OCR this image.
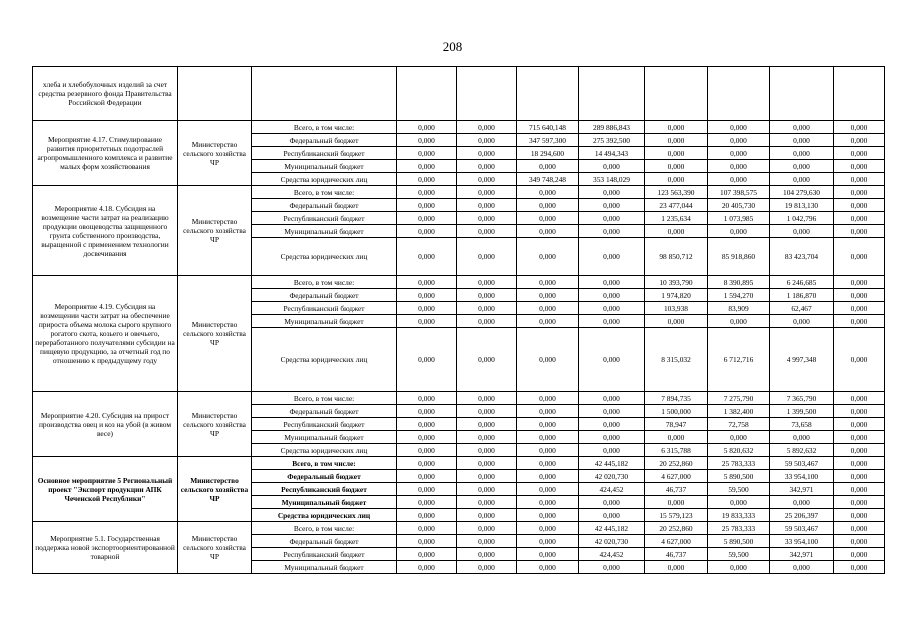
208
хлеба и хлебобулочных изделий за счет средства резервного фонда Правительства Российской Федерации										
Мероприятие 4.17. Стимулирование развития приоритетных подотраслей агропромышленного комплекса и развитие малых форм хозяйствования	Министерство сельского хозяйства ЧР	Всего, в том числе:	0,000	0,000	715 640,148	289 886,843	0,000	0,000	0,000	0,000
		Федеральный бюджет	0,000	0,000	347 597,300	275 392,500	0,000	0,000	0,000	0,000
		Республиканский бюджет	0,000	0,000	18 294,600	14 494,343	0,000	0,000	0,000	0,000
		Муниципальный бюджет	0,000	0,000	0,000	0,000	0,000	0,000	0,000	0,000
		Средства юридических лиц	0,000	0,000	349 748,248	353 148,029	0,000	0,000	0,000	0,000
Мероприятие 4.18. Субсидия на возмещение части затрат на реализацию продукции овощеводства защищенного грунта собственного производства, выращенной с применением технологии досвечивания	Министерство сельского хозяйства ЧР	Всего, в том числе:	0,000	0,000	0,000	0,000	123 563,390	107 398,575	104 279,630	0,000
		Федеральный бюджет	0,000	0,000	0,000	0,000	23 477,044	20 405,730	19 813,130	0,000
		Республиканский бюджет	0,000	0,000	0,000	0,000	1 235,634	1 073,985	1 042,796	0,000
		Муниципальный бюджет	0,000	0,000	0,000	0,000	0,000	0,000	0,000	0,000
		Средства юридических лиц	0,000	0,000	0,000	0,000	98 850,712	85 918,860	83 423,704	0,000
Мероприятие 4.19. Субсидия на возмещении части затрат на обеспечение прироста объема молока сырого крупного рогатого скота, козьего и овечьего, переработанного получателями субсидии на пищевую продукцию, за отчетный год по отношению к предыдущему году	Министерство сельского хозяйства ЧР	Всего, в том числе:	0,000	0,000	0,000	0,000	10 393,790	8 390,895	6 246,685	0,000
		Федеральный бюджет	0,000	0,000	0,000	0,000	1 974,820	1 594,270	1 186,870	0,000
		Республиканский бюджет	0,000	0,000	0,000	0,000	103,938	83,909	62,467	0,000
		Муниципальный бюджет	0,000	0,000	0,000	0,000	0,000	0,000	0,000	0,000
		Средства юридических лиц	0,000	0,000	0,000	0,000	8 315,032	6 712,716	4 997,348	0,000
Мероприятие 4.20. Субсидия на прирост производства овец и коз на убой (в живом весе)	Министерство сельского хозяйства ЧР	Всего, в том числе:	0,000	0,000	0,000	0,000	7 894,735	7 275,790	7 365,790	0,000
		Федеральный бюджет	0,000	0,000	0,000	0,000	1 500,000	1 382,400	1 399,500	0,000
		Республиканский бюджет	0,000	0,000	0,000	0,000	78,947	72,758	73,658	0,000
		Муниципальный бюджет	0,000	0,000	0,000	0,000	0,000	0,000	0,000	0,000
		Средства юридических лиц	0,000	0,000	0,000	0,000	6 315,788	5 820,632	5 892,632	0,000
Основное мероприятие 5 Региональный проект "Экспорт продукции АПК Чеченской Республики"	Министерство сельского хозяйства ЧР	Всего, в том числе:	0,000	0,000	0,000	42 445,182	20 252,860	25 783,333	59 503,467	0,000
		Федеральный бюджет	0,000	0,000	0,000	42 020,730	4 627,000	5 890,500	33 954,100	0,000
		Республиканский бюджет	0,000	0,000	0,000	424,452	46,737	59,500	342,971	0,000
		Муниципальный бюджет	0,000	0,000	0,000	0,000	0,000	0,000	0,000	0,000
		Средства юридических лиц	0,000	0,000	0,000	0,000	15 579,123	19 833,333	25 206,397	0,000
Мероприятие 5.1. Государственная поддержка новой экспортоориентированной товарной	Министерство сельского хозяйства ЧР	Всего, в том числе:	0,000	0,000	0,000	42 445,182	20 252,860	25 783,333	59 503,467	0,000
		Федеральный бюджет	0,000	0,000	0,000	42 020,730	4 627,000	5 890,500	33 954,100	0,000
		Республиканский бюджет	0,000	0,000	0,000	424,452	46,737	59,500	342,971	0,000
		Муниципальный бюджет	0,000	0,000	0,000	0,000	0,000	0,000	0,000	0,000
